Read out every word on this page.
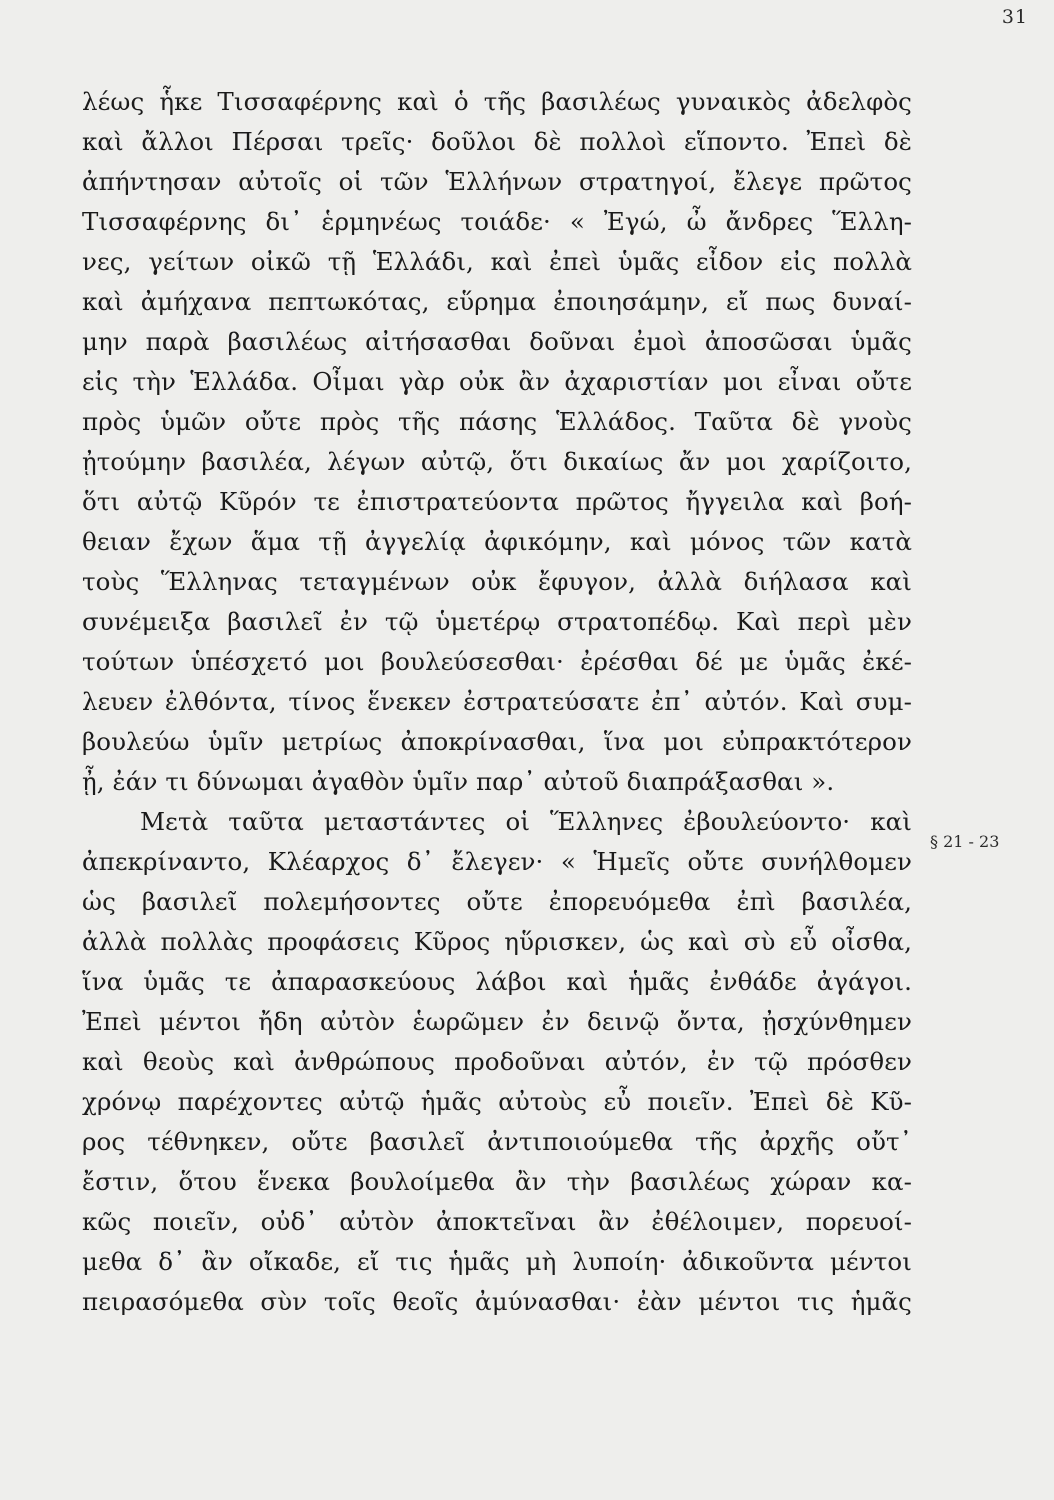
31
λέως ἧκε Τισσαφέρνης καὶ ὁ τῆς βασιλέως γυναικὸς ἀδελφὸς
καὶ ἄλλοι Πέρσαι τρεῖς· δοῦλοι δὲ πολλοὶ εἵποντο. Ἐπεὶ δὲ
ἀπήντησαν αὐτοῖς οἱ τῶν Ἑλλήνων στρατηγοί, ἔλεγε πρῶτος
Τισσαφέρνης δι᾽ ἑρμηνέως τοιάδε· « Ἐγώ, ὦ ἄνδρες Ἕλλη-
νες, γείτων οἰκῶ τῇ Ἑλλάδι, καὶ ἐπεὶ ὑμᾶς εἶδον εἰς πολλὰ
καὶ ἀμήχανα πεπτωκότας, εὕρημα ἐποιησάμην, εἴ πως δυναί-
μην παρὰ βασιλέως αἰτήσασθαι δοῦναι ἐμοὶ ἀποσῶσαι ὑμᾶς
εἰς τὴν Ἑλλάδα. Οἶμαι γὰρ οὐκ ἂν ἀχαριστίαν μοι εἶναι οὔτε
πρὸς ὑμῶν οὔτε πρὸς τῆς πάσης Ἑλλάδος. Ταῦτα δὲ γνοὺς
ᾐτούμην βασιλέα, λέγων αὐτῷ, ὅτι δικαίως ἄν μοι χαρίζοιτο,
ὅτι αὐτῷ Κῦρόν τε ἐπιστρατεύοντα πρῶτος ἤγγειλα καὶ βοή-
θειαν ἔχων ἅμα τῇ ἀγγελίᾳ ἀφικόμην, καὶ μόνος τῶν κατὰ
τοὺς Ἕλληνας τεταγμένων οὐκ ἔφυγον, ἀλλὰ διήλασα καὶ
συνέμειξα βασιλεῖ ἐν τῷ ὑμετέρῳ στρατοπέδῳ. Καὶ περὶ μὲν
τούτων ὑπέσχετό μοι βουλεύσεσθαι· ἐρέσθαι δέ με ὑμᾶς ἐκέ-
λευεν ἐλθόντα, τίνος ἕνεκεν ἐστρατεύσατε ἐπ᾽ αὐτόν. Καὶ συμ-
βουλεύω ὑμῖν μετρίως ἀποκρίνασθαι, ἵνα μοι εὐπρακτότερον
ᾖ, ἐάν τι δύνωμαι ἀγαθὸν ὑμῖν παρ᾽ αὐτοῦ διαπράξασθαι ».
Μετὰ ταῦτα μεταστάντες οἱ Ἕλληνες ἐβουλεύοντο· καὶ
ἀπεκρίναντο, Κλέαρχος δ᾽ ἔλεγεν· « Ἡμεῖς οὔτε συνήλθομεν
ὡς βασιλεῖ πολεμήσοντες οὔτε ἐπορευόμεθα ἐπὶ βασιλέα,
ἀλλὰ πολλὰς προφάσεις Κῦρος ηὕρισκεν, ὡς καὶ σὺ εὖ οἶσθα,
ἵνα ὑμᾶς τε ἀπαρασκεύους λάβοι καὶ ἡμᾶς ἐνθάδε ἀγάγοι.
Ἐπεὶ μέντοι ἤδη αὐτὸν ἑωρῶμεν ἐν δεινῷ ὄντα, ᾐσχύνθημεν
καὶ θεοὺς καὶ ἀνθρώπους προδοῦναι αὐτόν, ἐν τῷ πρόσθεν
χρόνῳ παρέχοντες αὐτῷ ἡμᾶς αὐτοὺς εὖ ποιεῖν. Ἐπεὶ δὲ Κῦ-
ρος τέθνηκεν, οὔτε βασιλεῖ ἀντιποιούμεθα τῆς ἀρχῆς οὔτ᾽
ἔστιν, ὅτου ἕνεκα βουλοίμεθα ἂν τὴν βασιλέως χώραν κα-
κῶς ποιεῖν, οὐδ᾽ αὐτὸν ἀποκτεῖναι ἂν ἐθέλοιμεν, πορευοί-
μεθα δ᾽ ἂν οἴκαδε, εἴ τις ἡμᾶς μὴ λυποίη· ἀδικοῦντα μέντοι
πειρασόμεθα σὺν τοῖς θεοῖς ἀμύνασθαι· ἐὰν μέντοι τις ἡμᾶς
§ 21 - 23
